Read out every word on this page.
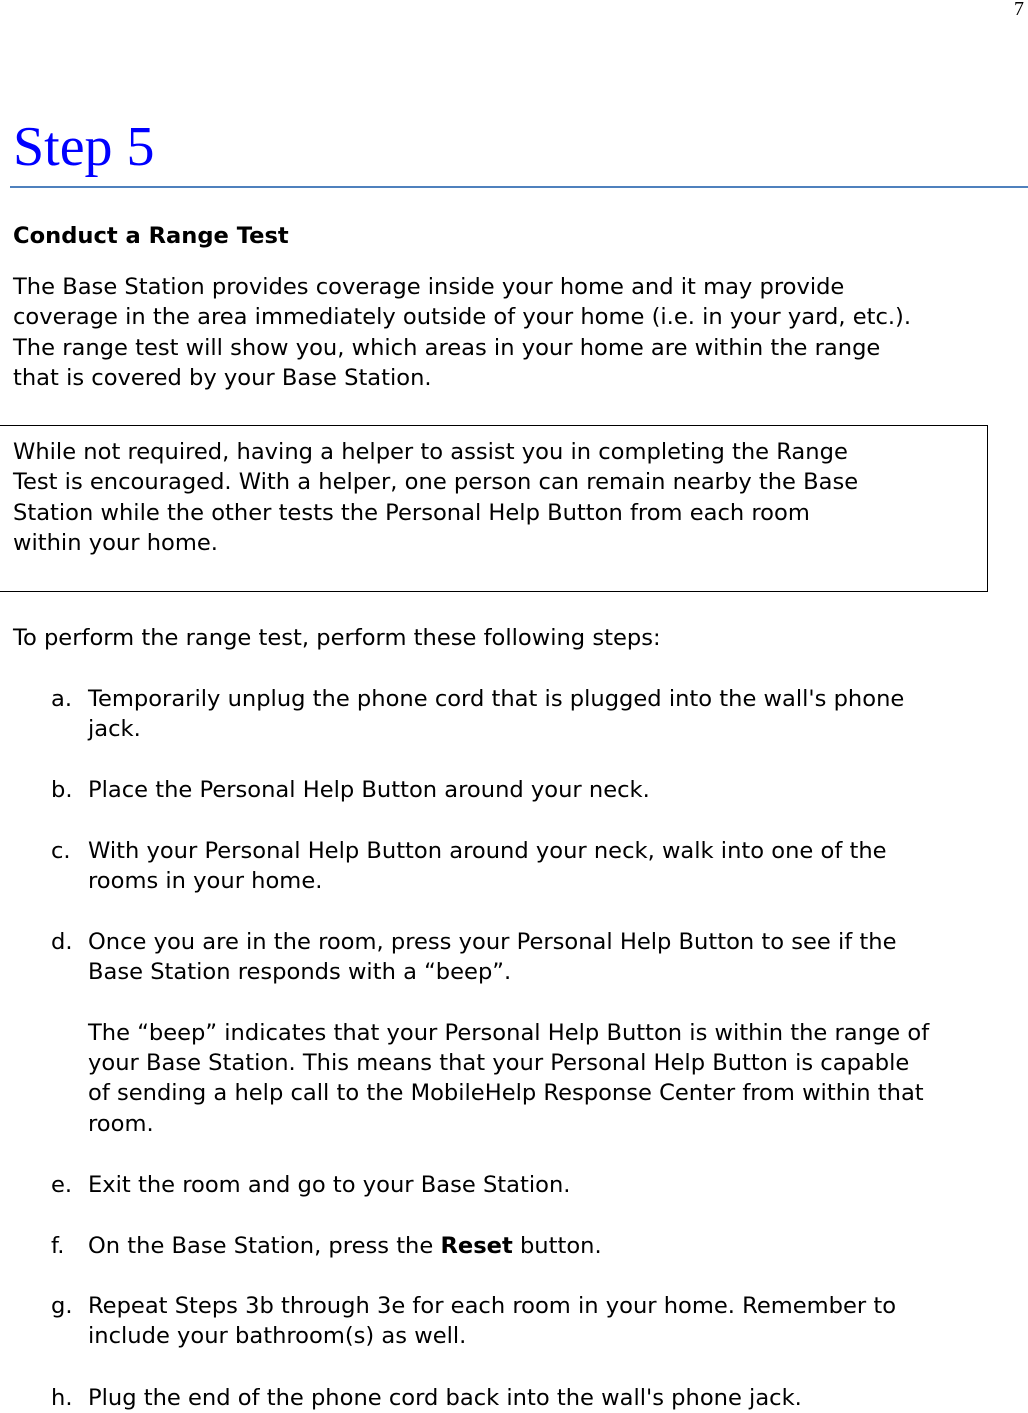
7
Step 5
Conduct a Range Test
The Base Station provides coverage inside your home and it may provide
coverage in the area immediately outside of your home (i.e. in your yard, etc.).
The range test will show you, which areas in your home are within the range
that is covered by your Base Station.
While not required, having a helper to assist you in completing the Range
Test is encouraged. With a helper, one person can remain nearby the Base
Station while the other tests the Personal Help Button from each room
within your home.
To perform the range test, perform these following steps:
a. Temporarily unplug the phone cord that is plugged into the wall's phone
jack.
b. Place the Personal Help Button around your neck.
c. With your Personal Help Button around your neck, walk into one of the
rooms in your home.
d. Once you are in the room, press your Personal Help Button to see if the
Base Station responds with a “beep”.
The “beep” indicates that your Personal Help Button is within the range of
your Base Station. This means that your Personal Help Button is capable
of sending a help call to the MobileHelp Response Center from within that
room.
e. Exit the room and go to your Base Station.
f. On the Base Station, press the Reset button.
g. Repeat Steps 3b through 3e for each room in your home. Remember to
include your bathroom(s) as well.
h. Plug the end of the phone cord back into the wall's phone jack.
